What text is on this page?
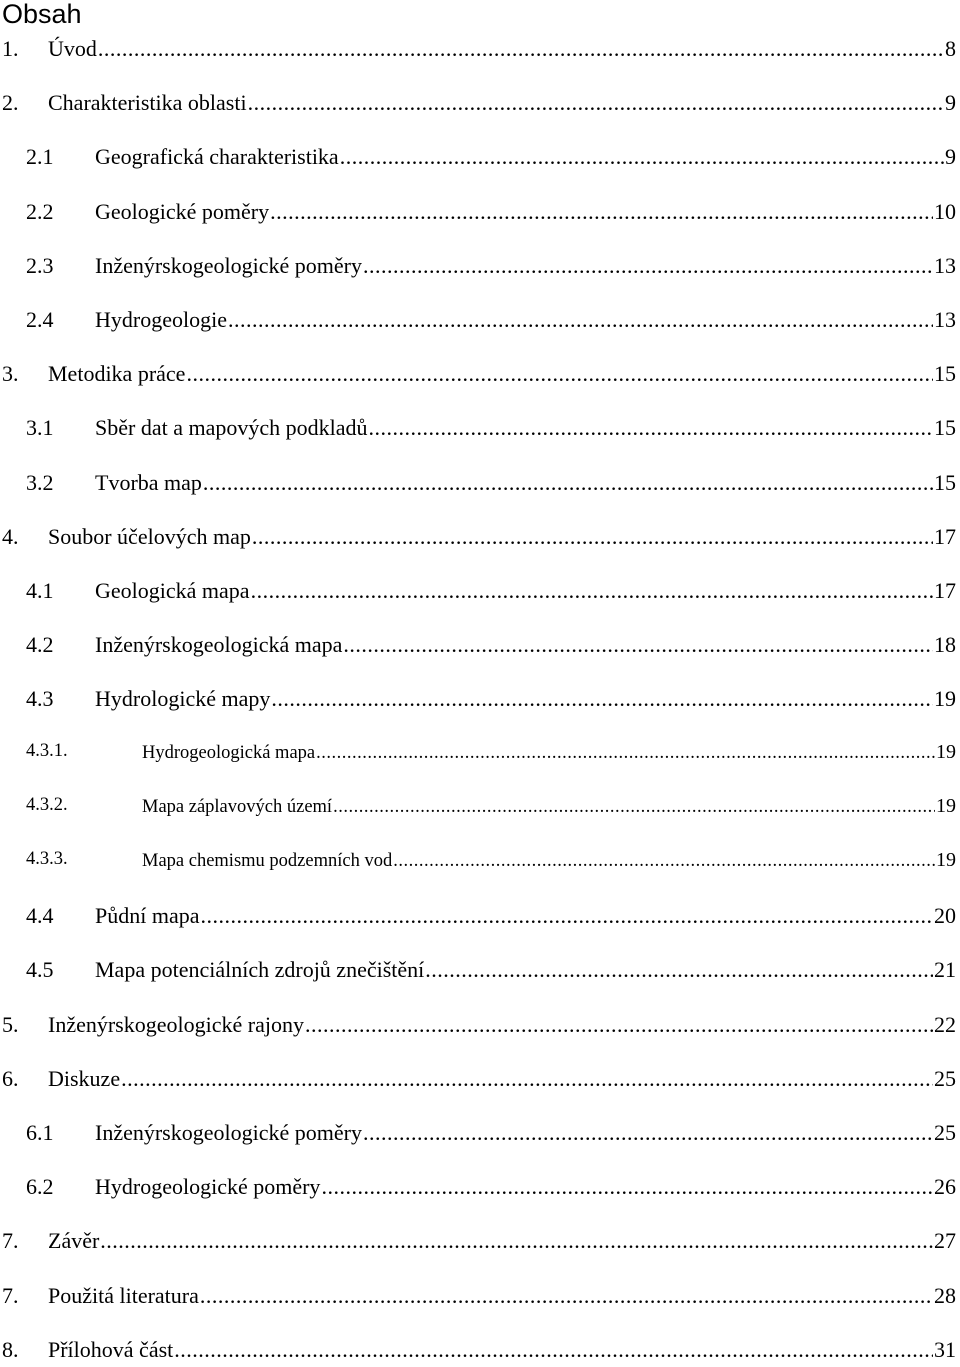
Obsah
1. Úvod .....	8
2. Charakteristika oblasti .....	9
2.1 Geografická charakteristika .....	9
2.2 Geologické poměry .....	10
2.3 Inženýrskogeologické poměry .....	13
2.4 Hydrogeologie .....	13
3. Metodika práce .....	15
3.1 Sběr dat a mapových podkladů .....	15
3.2 Tvorba map .....	15
4. Soubor účelových map .....	17
4.1 Geologická mapa .....	17
4.2 Inženýrskogeologická mapa .....	18
4.3 Hydrologické mapy .....	19
4.3.1.	Hydrogeologická mapa .....	19
4.3.2.	Mapa záplavových území .....	19
4.3.3.	Mapa chemismu podzemních vod .....	19
4.4 Půdní mapa .....	20
4.5 Mapa potenciálních zdrojů znečištění .....	21
5. Inženýrskogeologické rajony .....	22
6. Diskuze .....	25
6.1 Inženýrskogeologické poměry .....	25
6.2 Hydrogeologické poměry .....	26
7. Závěr .....	27
7. Použitá literatura .....	28
8. Přílohová část .....	31
